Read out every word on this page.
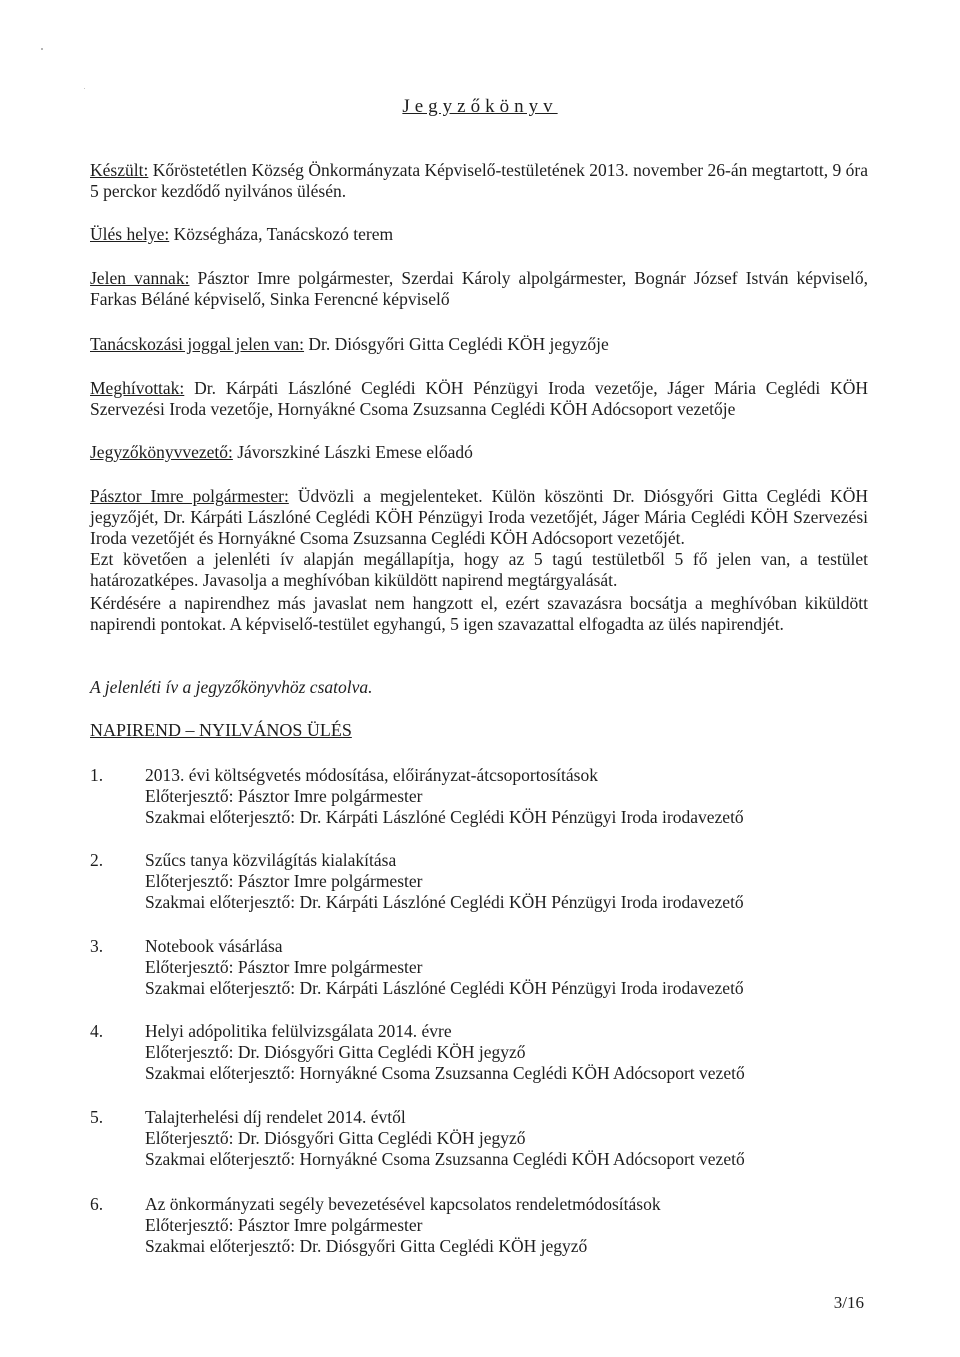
Jegyzőkönyv
Készült: Kőröstetétlen Község Önkormányzata Képviselő-testületének 2013. november 26-án megtartott, 9 óra 5 perckor kezdődő nyilvános ülésén.
Ülés helye: Községháza, Tanácskozó terem
Jelen vannak: Pásztor Imre polgármester, Szerdai Károly alpolgármester, Bognár József István képviselő, Farkas Béláné képviselő, Sinka Ferencné képviselő
Tanácskozási joggal jelen van: Dr. Diósgyőri Gitta Ceglédi KÖH jegyzője
Meghívottak: Dr. Kárpáti Lászlóné Ceglédi KÖH Pénzügyi Iroda vezetője, Jáger Mária Ceglédi KÖH Szervezési Iroda vezetője, Hornyákné Csoma Zsuzsanna Ceglédi KÖH Adócsoport vezetője
Jegyzőkönyvvezető: Jávorszkiné Lászki Emese előadó
Pásztor Imre polgármester: Üdvözli a megjelenteket. Külön köszönti Dr. Diósgyőri Gitta Ceglédi KÖH jegyzőjét, Dr. Kárpáti Lászlóné Ceglédi KÖH Pénzügyi Iroda vezetőjét, Jáger Mária Ceglédi KÖH Szervezési Iroda vezetőjét és Hornyákné Csoma Zsuzsanna Ceglédi KÖH Adócsoport vezetőjét.
Ezt követően a jelenléti ív alapján megállapítja, hogy az 5 tagú testületből 5 fő jelen van, a testület határozatképes. Javasolja a meghívóban kiküldött napirend megtárgyalását.
Kérdésére a napirendhez más javaslat nem hangzott el, ezért szavazásra bocsátja a meghívóban kiküldött napirendi pontokat. A képviselő-testület egyhangú, 5 igen szavazattal elfogadta az ülés napirendjét.
A jelenléti ív a jegyzőkönyvhöz csatolva.
NAPIREND – NYILVÁNOS ÜLÉS
1. 2013. évi költségvetés módosítása, előirányzat-átcsoportosítások
Előterjesztő: Pásztor Imre polgármester
Szakmai előterjesztő: Dr. Kárpáti Lászlóné Ceglédi KÖH Pénzügyi Iroda irodavezető
2. Szűcs tanya közvilágítás kialakítása
Előterjesztő: Pásztor Imre polgármester
Szakmai előterjesztő: Dr. Kárpáti Lászlóné Ceglédi KÖH Pénzügyi Iroda irodavezető
3. Notebook vásárlása
Előterjesztő: Pásztor Imre polgármester
Szakmai előterjesztő: Dr. Kárpáti Lászlóné Ceglédi KÖH Pénzügyi Iroda irodavezető
4. Helyi adópolitika felülvizsgálata 2014. évre
Előterjesztő: Dr. Diósgyőri Gitta Ceglédi KÖH jegyző
Szakmai előterjesztő: Hornyákné Csoma Zsuzsanna Ceglédi KÖH Adócsoport vezető
5. Talajterhelési díj rendelet 2014. évtől
Előterjesztő: Dr. Diósgyőri Gitta Ceglédi KÖH jegyző
Szakmai előterjesztő: Hornyákné Csoma Zsuzsanna Ceglédi KÖH Adócsoport vezető
6. Az önkormányzati segély bevezetésével kapcsolatos rendeletmódosítások
Előterjesztő: Pásztor Imre polgármester
Szakmai előterjesztő: Dr. Diósgyőri Gitta Ceglédi KÖH jegyző
3/16
